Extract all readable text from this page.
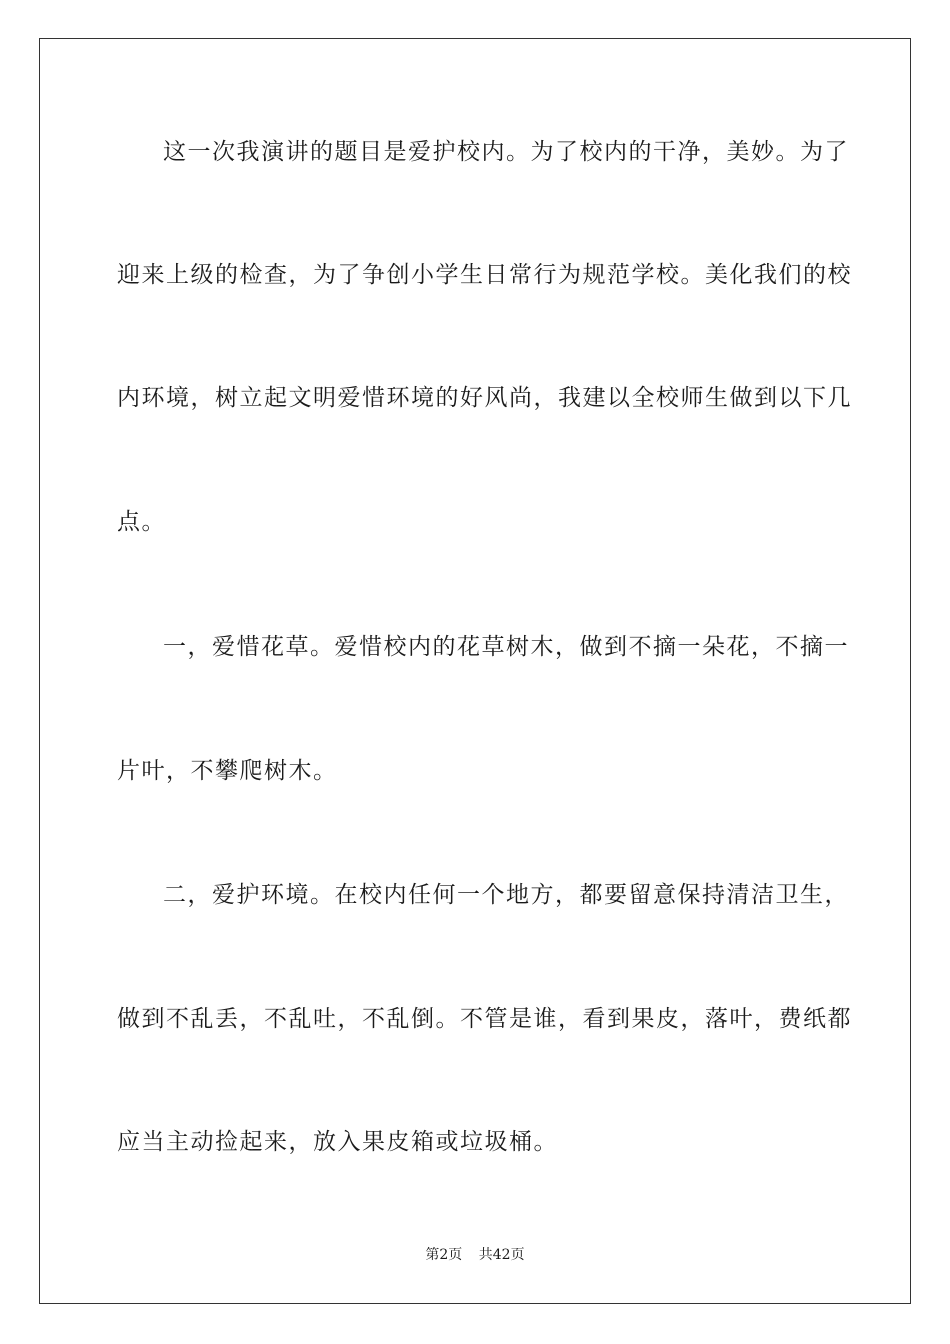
这一次我演讲的题目是爱护校内。为了校内的干净，美妙。为了
迎来上级的检查，为了争创小学生日常行为规范学校。美化我们的校
内环境，树立起文明爱惜环境的好风尚，我建以全校师生做到以下几
点。
一，爱惜花草。爱惜校内的花草树木，做到不摘一朵花，不摘一
片叶，不攀爬树木。
二，爱护环境。在校内任何一个地方，都要留意保持清洁卫生，
做到不乱丢，不乱吐，不乱倒。不管是谁，看到果皮，落叶，费纸都
应当主动捡起来，放入果皮箱或垃圾桶。
第2页 共42页
